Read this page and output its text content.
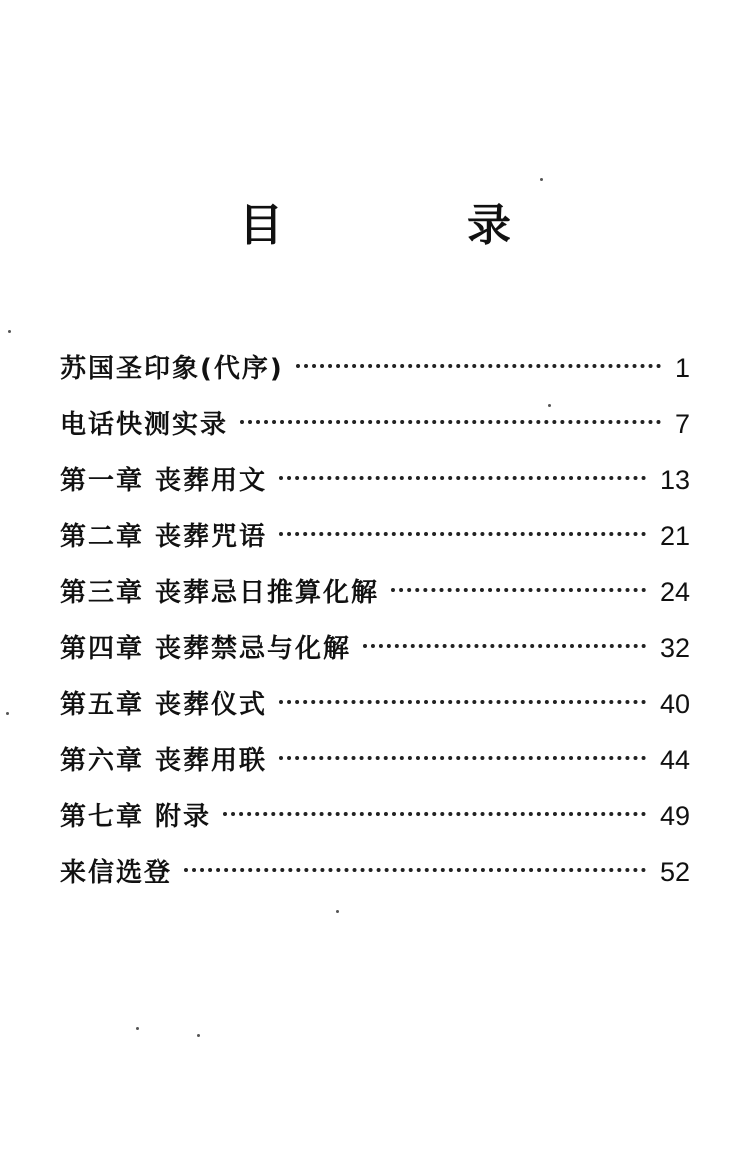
目　录
苏国圣印象(代序)	1
电话快测实录	7
第一章 丧葬用文	13
第二章 丧葬咒语	21
第三章 丧葬忌日推算化解	24
第四章 丧葬禁忌与化解	32
第五章 丧葬仪式	40
第六章 丧葬用联	44
第七章 附录	49
来信选登	52
